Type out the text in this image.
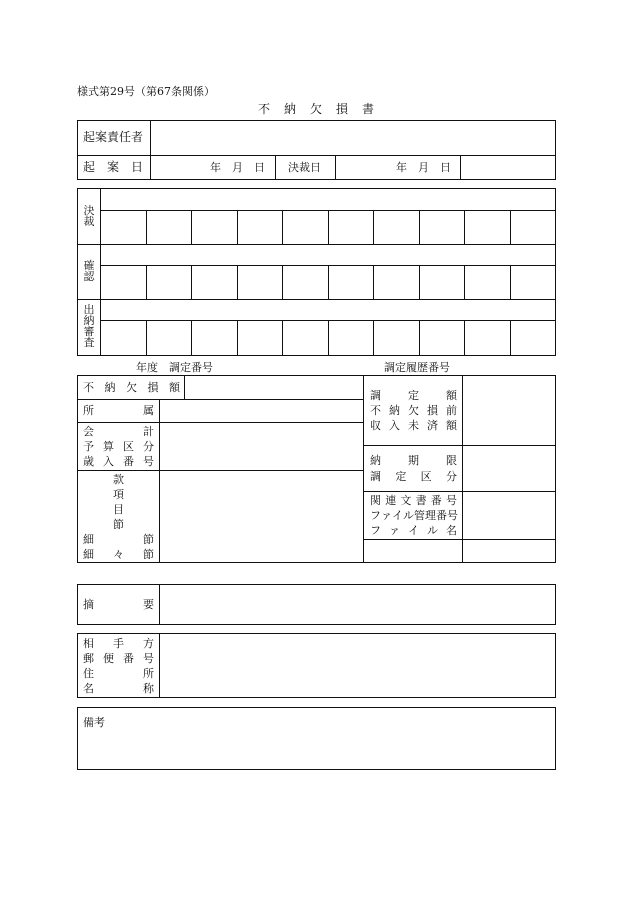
様式第29号（第67条関係）
不　納　欠　損　書
起案責任者
起　案　日	年　月　日 決裁日	年　月　日
決裁
確認
出納審査
年度　調定番号	調定履歴番号
不 納 欠 損 額
所	属
会	計
予 算 区 分
歳 入 番 号
款
項
目
節
細	節
細 々 節
調 定 額
不 納 欠 損 前
収 入 未 済 額
納 期 限
調 定 区 分
関 連 文 書 番 号
フ ァ イ ル 管 理 番 号
フ ァ イ ル 名
摘	要
相 手 方
郵 便 番 号
住	所
名	称
備考
